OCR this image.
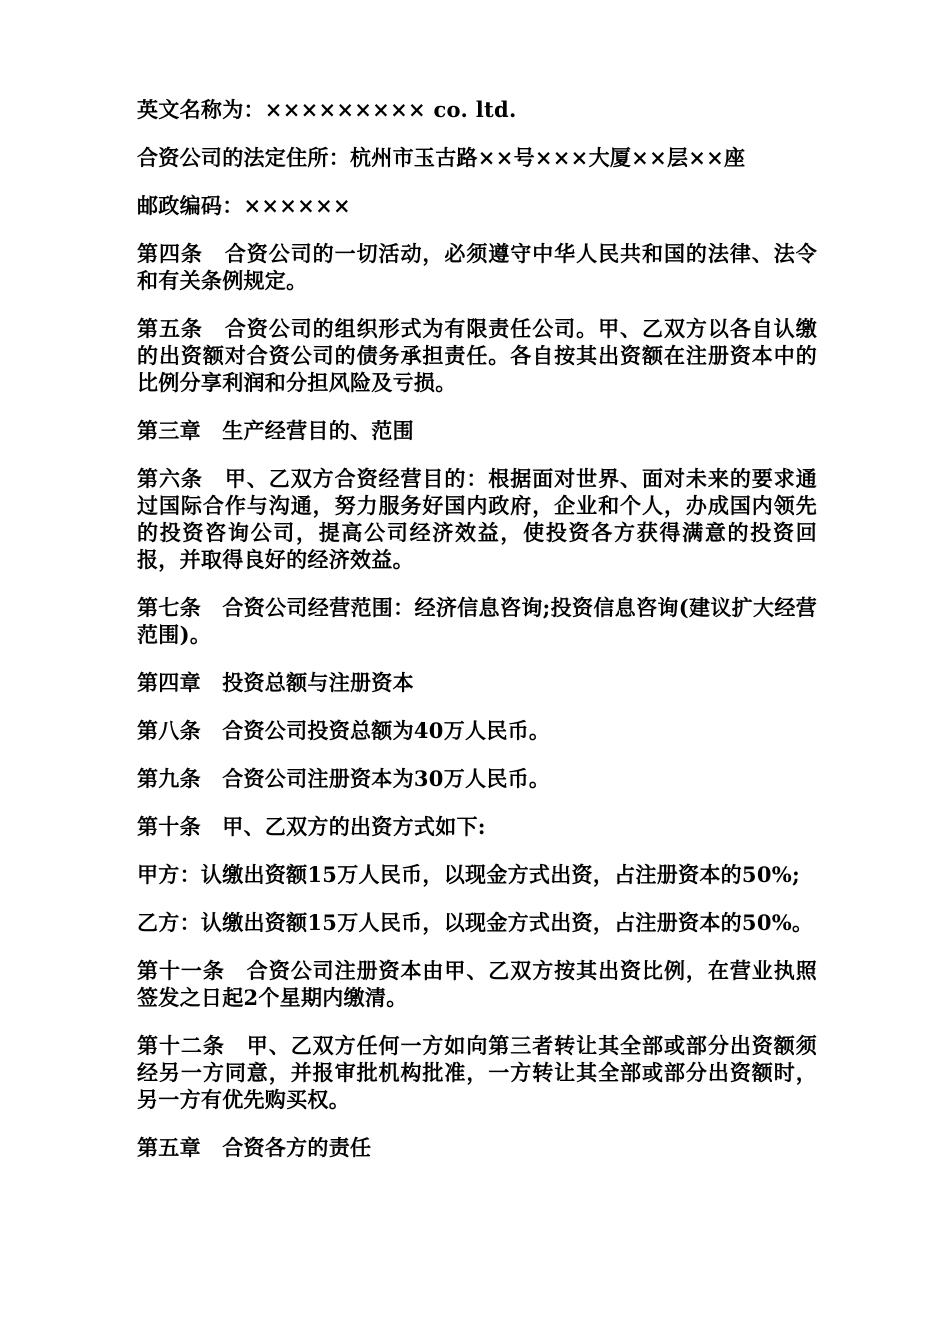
英文名称为：××××××××× co. ltd.

合资公司的法定住所：杭州市玉古路××号×××大厦××层××座

邮政编码：××××××

第四条　合资公司的一切活动，必须遵守中华人民共和国的法律、法令和有关条例规定。

第五条　合资公司的组织形式为有限责任公司。甲、乙双方以各自认缴的出资额对合资公司的债务承担责任。各自按其出资额在注册资本中的比例分享利润和分担风险及亏损。

第三章　生产经营目的、范围

第六条　甲、乙双方合资经营目的：根据面对世界、面对未来的要求通过国际合作与沟通，努力服务好国内政府，企业和个人，办成国内领先的投资咨询公司，提高公司经济效益，使投资各方获得满意的投资回报，并取得良好的经济效益。

第七条　合资公司经营范围：经济信息咨询;投资信息咨询(建议扩大经营范围)。

第四章　投资总额与注册资本

第八条　合资公司投资总额为40万人民币。

第九条　合资公司注册资本为30万人民币。

第十条　甲、乙双方的出资方式如下:

甲方：认缴出资额15万人民币，以现金方式出资，占注册资本的50%;

乙方：认缴出资额15万人民币，以现金方式出资，占注册资本的50%。

第十一条　合资公司注册资本由甲、乙双方按其出资比例，在营业执照签发之日起2个星期内缴清。

第十二条　甲、乙双方任何一方如向第三者转让其全部或部分出资额须经另一方同意，并报审批机构批准，一方转让其全部或部分出资额时，另一方有优先购买权。

第五章　合资各方的责任
